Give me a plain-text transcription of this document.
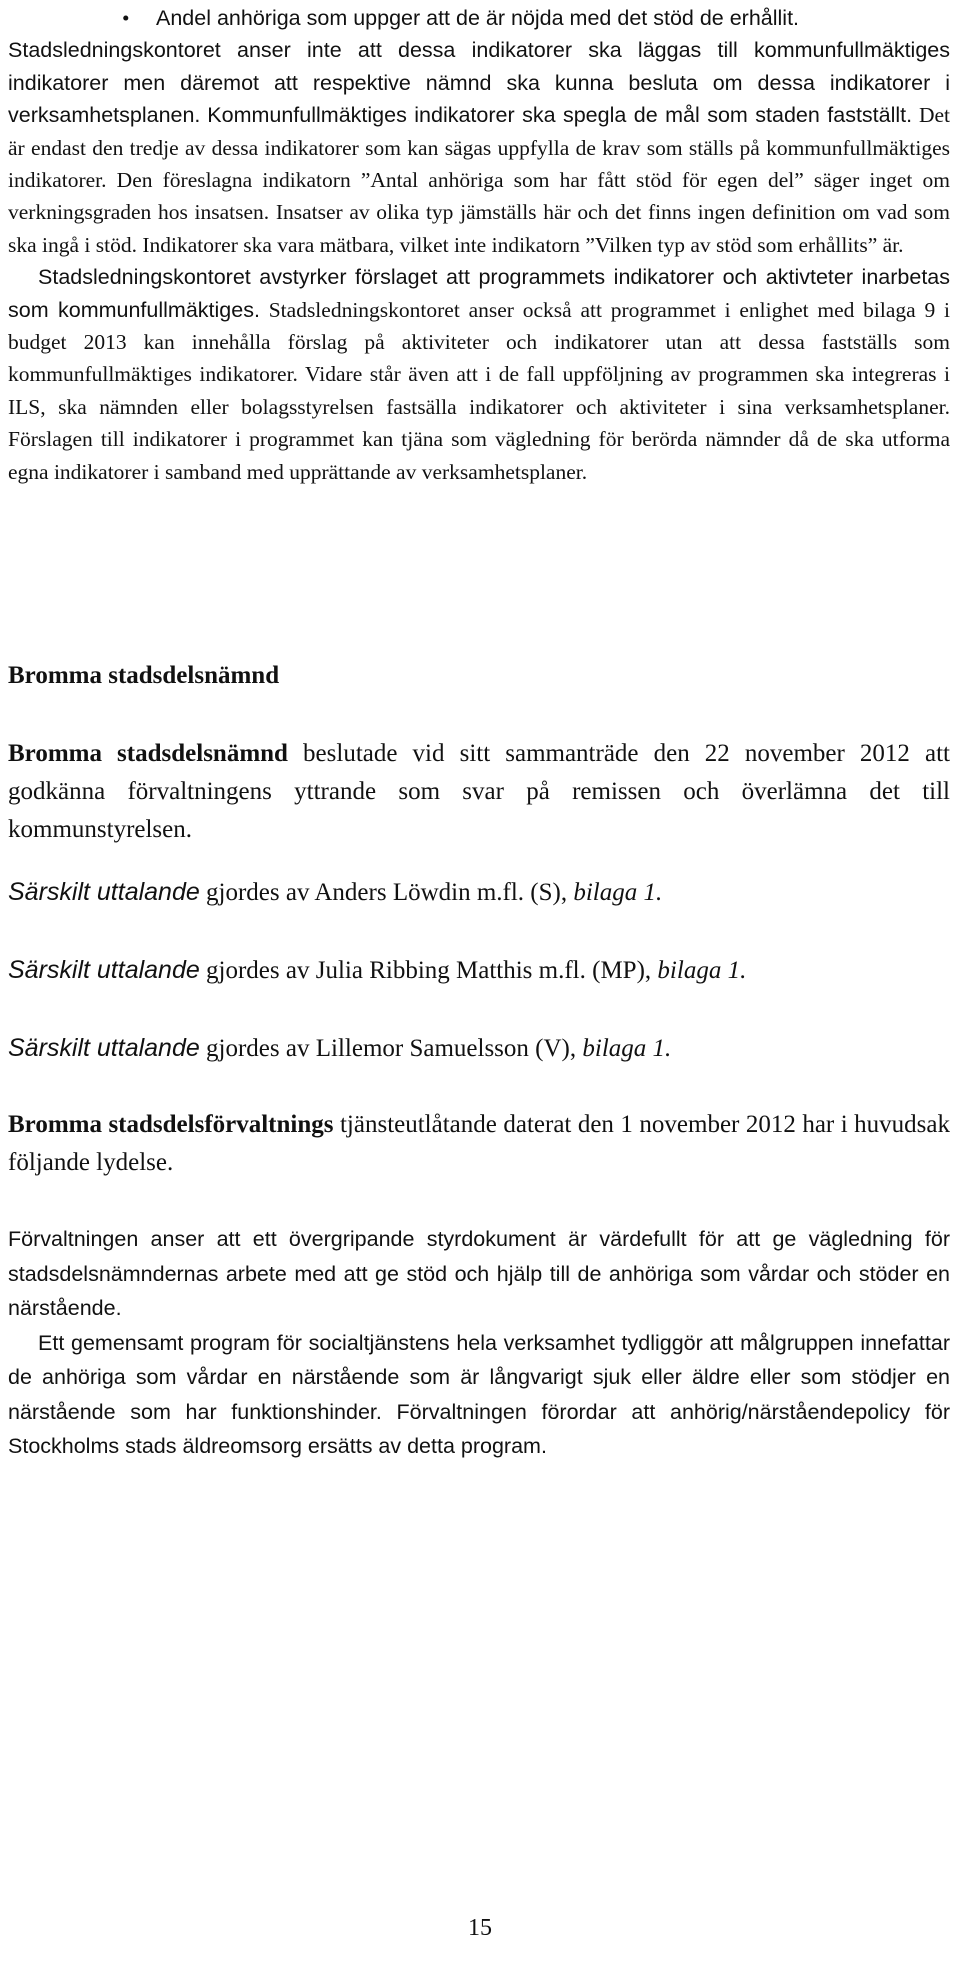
• Andel anhöriga som uppger att de är nöjda med det stöd de erhållit.

Stadsledningskontoret anser inte att dessa indikatorer ska läggas till kommunfullmäktiges indikatorer men däremot att respektive nämnd ska kunna besluta om dessa indikatorer i verksamhetsplanen. Kommunfullmäktiges indikatorer ska spegla de mål som staden fastställt. Det är endast den tredje av dessa indikatorer som kan sägas uppfylla de krav som ställs på kommunfullmäktiges indikatorer. Den föreslagna indikatorn ”Antal anhöriga som har fått stöd för egen del” säger inget om verkningsgraden hos insatsen. Insatser av olika typ jämställs här och det finns ingen definition om vad som ska ingå i stöd. Indikatorer ska vara mätbara, vilket inte indikatorn ”Vilken typ av stöd som erhållits” är.

Stadsledningskontoret avstyrker förslaget att programmets indikatorer och aktivteter inarbetas som kommunfullmäktiges. Stadsledningskontoret anser också att programmet i enlighet med bilaga 9 i budget 2013 kan innehålla förslag på aktiviteter och indikatorer utan att dessa fastställs som kommunfullmäktiges indikatorer. Vidare står även att i de fall uppföljning av programmen ska integreras i ILS, ska nämnden eller bolagsstyrelsen fastsälla indikatorer och aktiviteter i sina verksamhetsplaner. Förslagen till indikatorer i programmet kan tjäna som vägledning för berörda nämnder då de ska utforma egna indikatorer i samband med upprättande av verksamhetsplaner.

Bromma stadsdelsnämnd

Bromma stadsdelsnämnd beslutade vid sitt sammanträde den 22 november 2012 att godkänna förvaltningens yttrande som svar på remissen och överlämna det till kommunstyrelsen.

Särskilt uttalande gjordes av Anders Löwdin m.fl. (S), bilaga 1.

Särskilt uttalande gjordes av Julia Ribbing Matthis m.fl. (MP), bilaga 1.

Särskilt uttalande gjordes av Lillemor Samuelsson (V), bilaga 1.

Bromma stadsdelsförvaltnings tjänsteutlåtande daterat den 1 november 2012 har i huvudsak följande lydelse.

Förvaltningen anser att ett övergripande styrdokument är värdefullt för att ge vägledning för stadsdelsnämndernas arbete med att ge stöd och hjälp till de anhöriga som vårdar och stöder en närstående.

Ett gemensamt program för socialtjänstens hela verksamhet tydliggör att målgruppen innefattar de anhöriga som vårdar en närstående som är långvarigt sjuk eller äldre eller som stödjer en närstående som har funktionshinder. Förvaltningen förordar att anhörig/närståendepolicy för Stockholms stads äldreomsorg ersätts av detta program.

15
